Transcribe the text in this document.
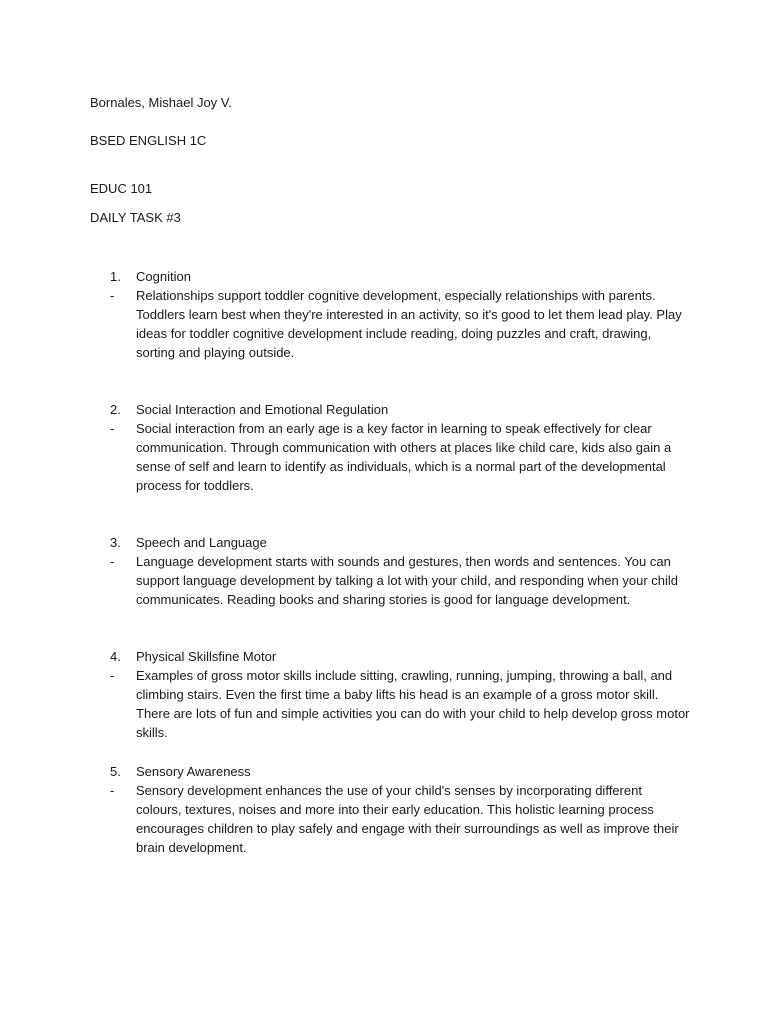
Bornales, Mishael Joy V.
BSED ENGLISH 1C
EDUC 101
DAILY TASK #3
1.	Cognition
-	Relationships support toddler cognitive development, especially relationships with parents. Toddlers learn best when they're interested in an activity, so it's good to let them lead play. Play ideas for toddler cognitive development include reading, doing puzzles and craft, drawing, sorting and playing outside.
2.	Social Interaction and Emotional Regulation
-	Social interaction from an early age is a key factor in learning to speak effectively for clear communication. Through communication with others at places like child care, kids also gain a sense of self and learn to identify as individuals, which is a normal part of the developmental process for toddlers.
3.	Speech and Language
-	Language development starts with sounds and gestures, then words and sentences. You can support language development by talking a lot with your child, and responding when your child communicates. Reading books and sharing stories is good for language development.
4.	Physical Skillsfine Motor
-	Examples of gross motor skills include sitting, crawling, running, jumping, throwing a ball, and climbing stairs. Even the first time a baby lifts his head is an example of a gross motor skill. There are lots of fun and simple activities you can do with your child to help develop gross motor skills.
5.	Sensory Awareness
-	Sensory development enhances the use of your child's senses by incorporating different colours, textures, noises and more into their early education. This holistic learning process encourages children to play safely and engage with their surroundings as well as improve their brain development.
